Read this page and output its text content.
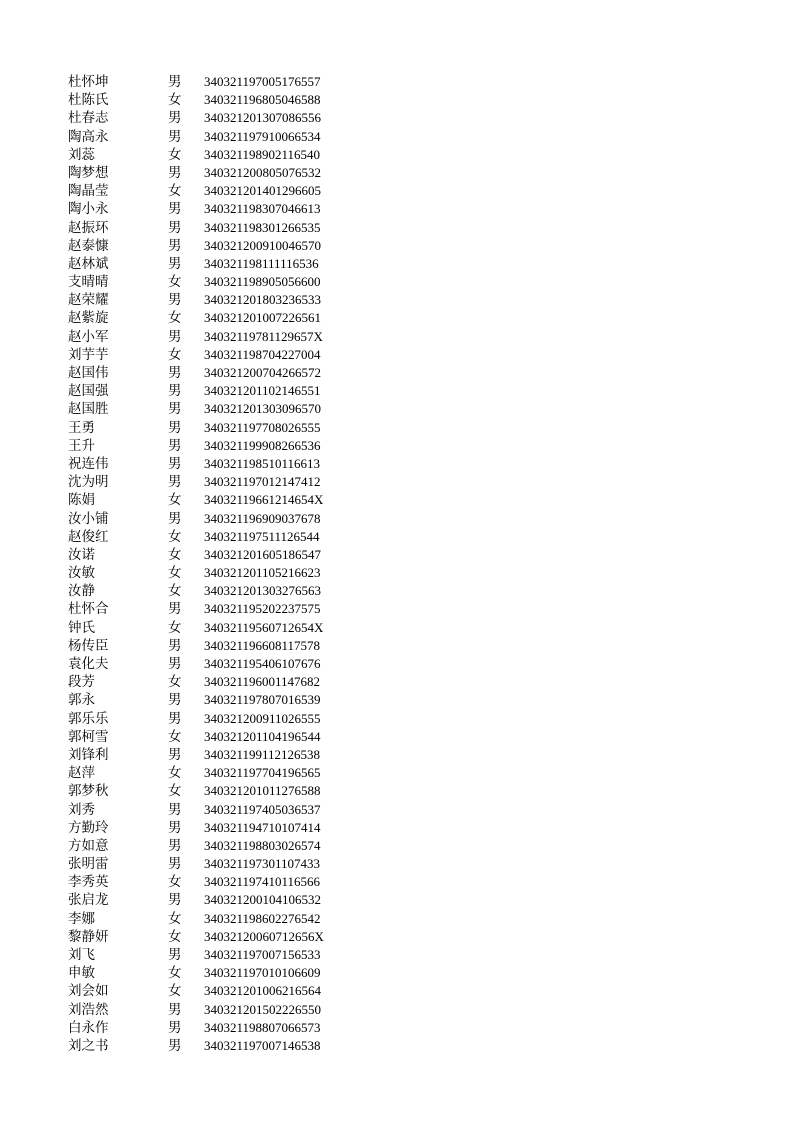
杜怀坤	男	340321197005176557
杜陈氏	女	340321196805046588
杜春志	男	340321201307086556
陶高永	男	340321197910066534
刘蕊	女	340321198902116540
陶梦想	男	340321200805076532
陶晶莹	女	340321201401296605
陶小永	男	340321198307046613
赵振环	男	340321198301266535
赵泰慷	男	340321200910046570
赵林斌	男	340321198111116536
支晴晴	女	340321198905056600
赵荣耀	男	340321201803236533
赵紫旋	女	340321201007226561
赵小军	男	34032119781129657X
刘芋芋	女	340321198704227004
赵国伟	男	340321200704266572
赵国强	男	340321201102146551
赵国胜	男	340321201303096570
王勇	男	340321197708026555
王升	男	340321199908266536
祝连伟	男	340321198510116613
沈为明	男	340321197012147412
陈娟	女	34032119661214654X
汝小铺	男	340321196909037678
赵俊红	女	340321197511126544
汝诺	女	340321201605186547
汝敏	女	340321201105216623
汝静	女	340321201303276563
杜怀合	男	340321195202237575
钟氏	女	34032119560712654X
杨传臣	男	340321196608117578
袁化夫	男	340321195406107676
段芳	女	340321196001147682
郭永	男	340321197807016539
郭乐乐	男	340321200911026555
郭柯雪	女	340321201104196544
刘锋利	男	340321199112126538
赵萍	女	340321197704196565
郭梦秋	女	340321201011276588
刘秀	男	340321197405036537
方勤玲	男	340321194710107414
方如意	男	340321198803026574
张明雷	男	340321197301107433
李秀英	女	340321197410116566
张启龙	男	340321200104106532
李娜	女	340321198602276542
黎静妍	女	34032120060712656X
刘飞	男	340321197007156533
申敏	女	340321197010106609
刘会如	女	340321201006216564
刘浩然	男	340321201502226550
白永作	男	340321198807066573
刘之书	男	340321197007146538
